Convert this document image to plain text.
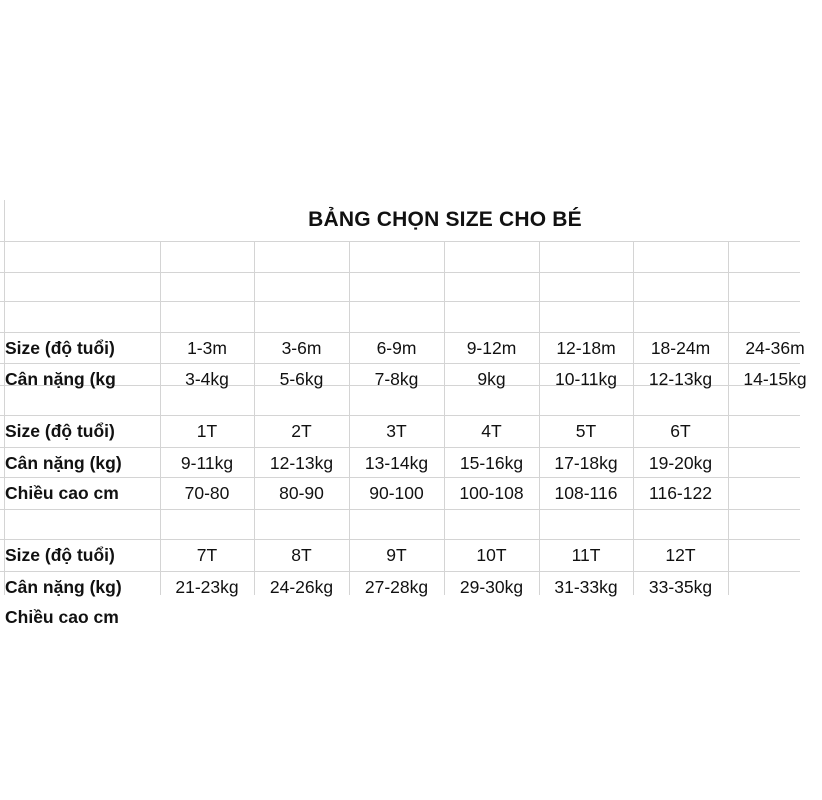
BẢNG CHỌN SIZE CHO BÉ
Size (độ tuổi)	1-3m	3-6m	6-9m	9-12m	12-18m	18-24m	24-36m
Cân nặng (kg	3-4kg	5-6kg	7-8kg	9kg	10-11kg	12-13kg	14-15kg
Size (độ tuổi)	1T	2T	3T	4T	5T	6T
Cân nặng (kg)	9-11kg	12-13kg	13-14kg	15-16kg	17-18kg	19-20kg
Chiều cao cm	70-80	80-90	90-100	100-108	108-116	116-122
Size (độ tuổi)	7T	8T	9T	10T	11T	12T
Cân nặng (kg)	21-23kg	24-26kg	27-28kg	29-30kg	31-33kg	33-35kg
Chiều cao cm
